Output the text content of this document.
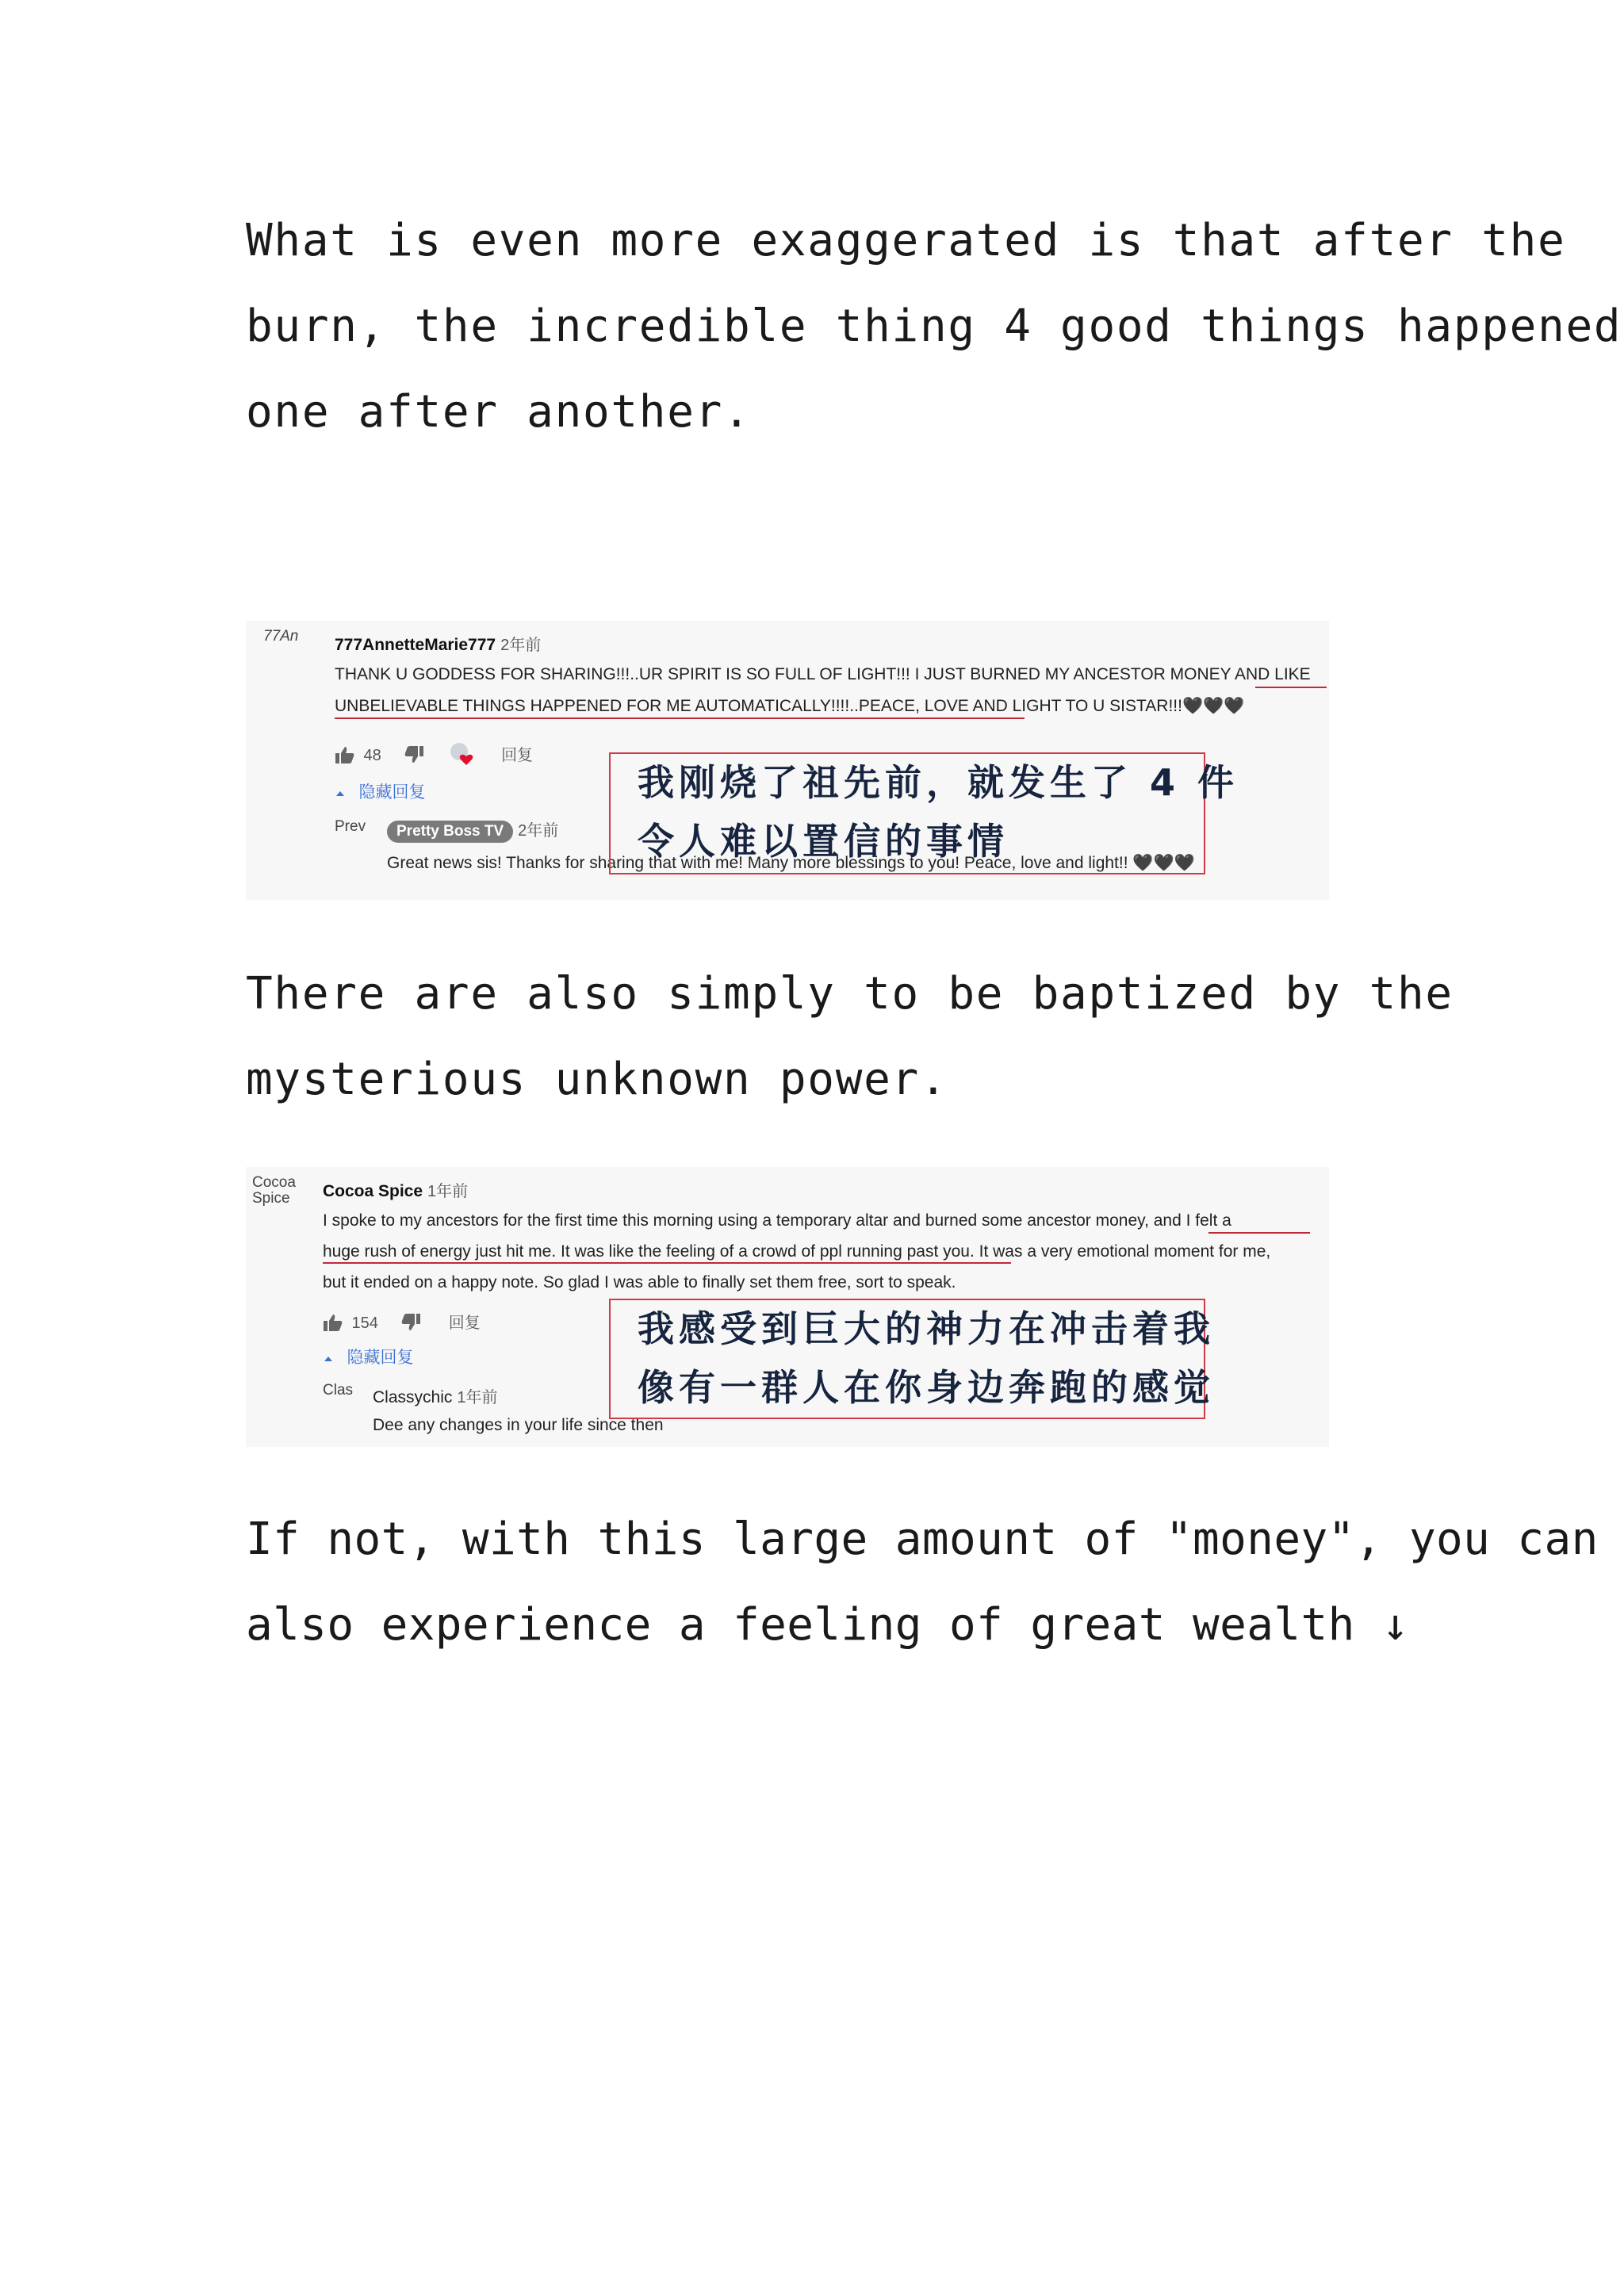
What is even more exaggerated is that after the
burn, the incredible thing 4 good things happened
one after another.

77An 777AnnetteMarie777 2年前
THANK U GODDESS FOR SHARING!!!..UR SPIRIT IS SO FULL OF LIGHT!!! I JUST BURNED MY ANCESTOR MONEY AND LIKE
UNBELIEVABLE THINGS HAPPENED FOR ME AUTOMATICALLY!!!!..PEACE, LOVE AND LIGHT TO U SISTAR!!!🖤🖤🖤
48	回复
隐藏回复
Prev	Pretty Boss TV 2年前
Great news sis! Thanks for sharing that with me! Many more blessings to you! Peace, love and light!! 🖤🖤🖤
我刚烧了祖先前，就发生了 4 件
令人难以置信的事情

There are also simply to be baptized by the
mysterious unknown power.

Cocoa
Spice	Cocoa Spice 1年前
I spoke to my ancestors for the first time this morning using a temporary altar and burned some ancestor money, and I felt a
huge rush of energy just hit me. It was like the feeling of a crowd of ppl running past you. It was a very emotional moment for me,
but it ended on a happy note. So glad I was able to finally set them free, sort to speak.
154	回复
隐藏回复
Clas Classychic 1年前
Dee any changes in your life since then
我感受到巨大的神力在冲击着我
像有一群人在你身边奔跑的感觉

If not, with this large amount of "money", you can
also experience a feeling of great wealth ↓
